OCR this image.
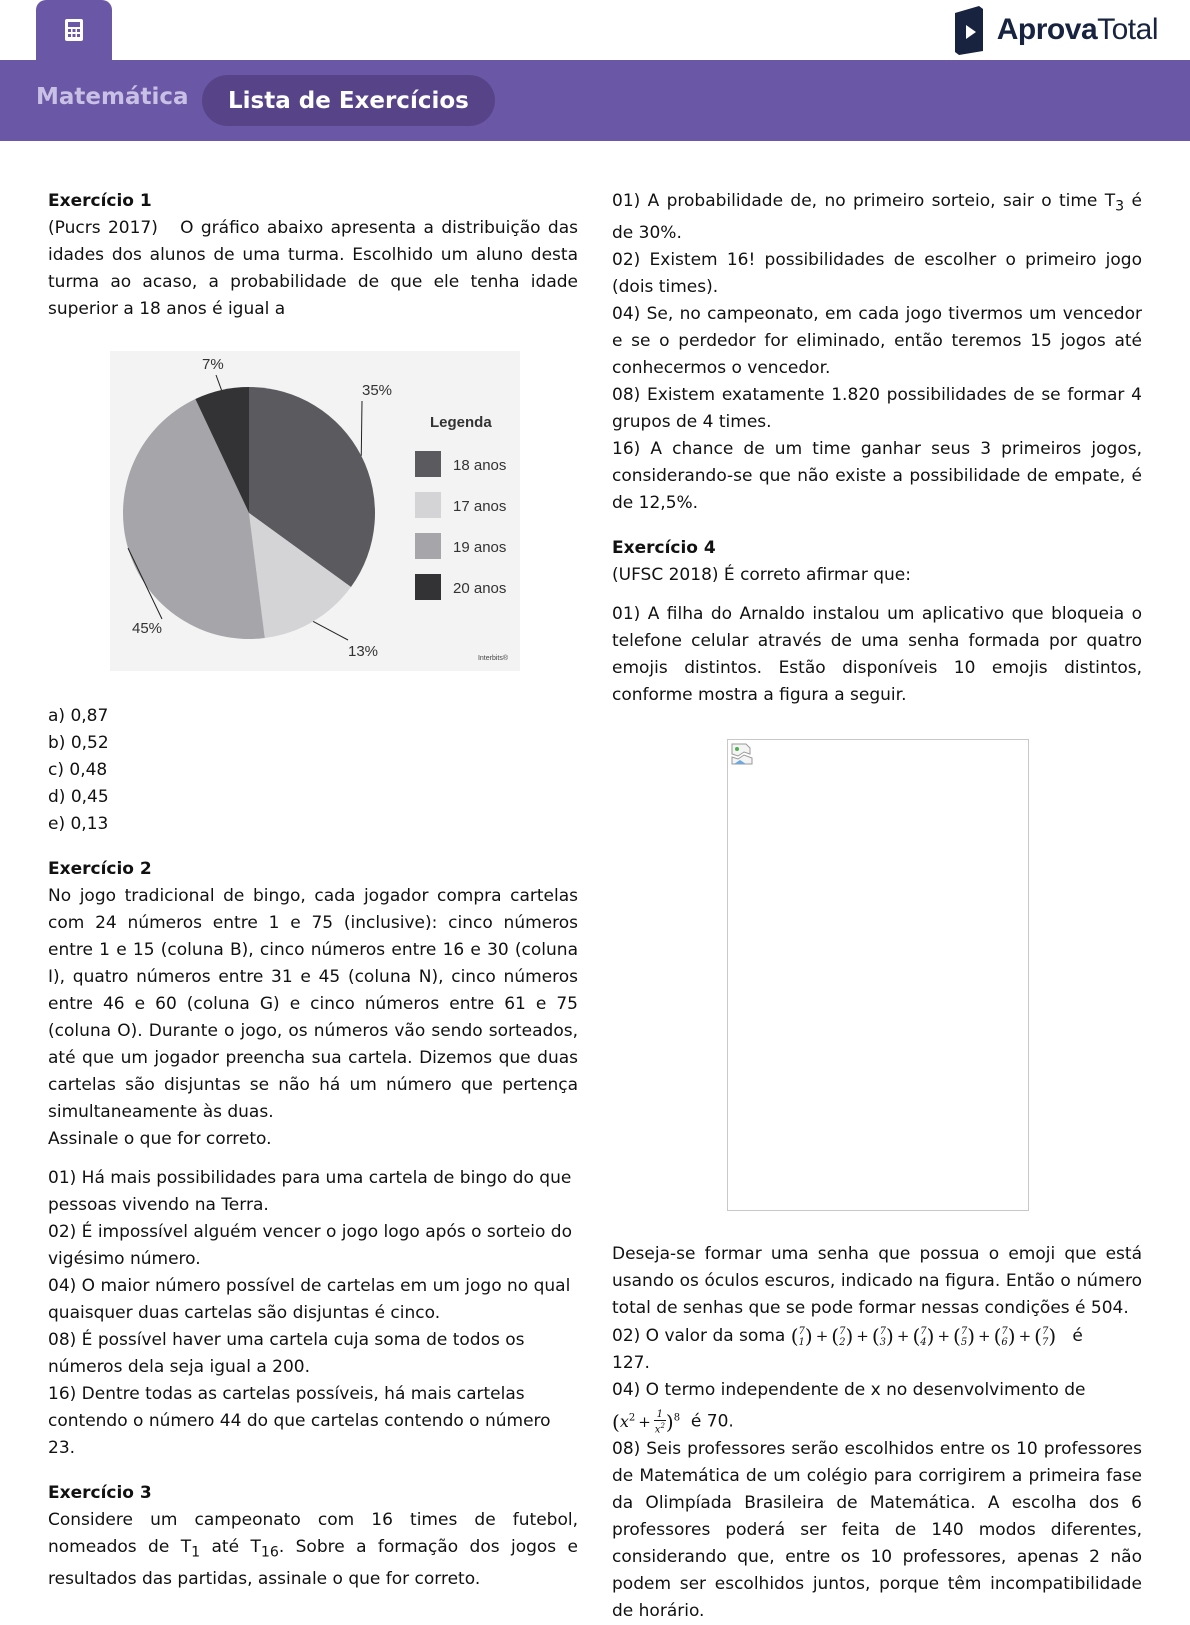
AprovaTotal
Matemática	Lista de Exercícios
Exercício 1

(Pucrs 2017)   O gráfico abaixo apresenta a distribuição das idades dos alunos de uma turma. Escolhido um aluno desta turma ao acaso, a probabilidade de que ele tenha idade superior a 18 anos é igual a

35%
13%
45%
7%
Legenda
18 anos
17 anos
19 anos
20 anos
Interbits®
a) 0,87
b) 0,52
c) 0,48
d) 0,45
e) 0,13
Exercício 2

No jogo tradicional de bingo, cada jogador compra cartelas com 24 números entre 1 e 75 (inclusive): cinco números entre 1 e 15 (coluna B), cinco números entre 16 e 30 (coluna I), quatro números entre 31 e 45 (coluna N), cinco números entre 46 e 60 (coluna G) e cinco números entre 61 e 75 (coluna O). Durante o jogo, os números vão sendo sorteados, até que um jogador preencha sua cartela. Dizemos que duas cartelas são disjuntas se não há um número que pertença simultaneamente às duas.

Assinale o que for correto.

01) Há mais possibilidades para uma cartela de bingo do que pessoas vivendo na Terra.

02) É impossível alguém vencer o jogo logo após o sorteio do vigésimo número.

04) O maior número possível de cartelas em um jogo no qual quaisquer duas cartelas são disjuntas é cinco.

08) É possível haver uma cartela cuja soma de todos os números dela seja igual a 200.

16) Dentre todas as cartelas possíveis, há mais cartelas contendo o número 44 do que cartelas contendo o número 23.

Exercício 3

Considere um campeonato com 16 times de futebol, nomeados de $T_1$ até $T_{16}$. Sobre a formação dos jogos e resultados das partidas, assinale o que for correto.

01) A probabilidade de, no primeiro sorteio, sair o time $T_3$ é de 30%.

02) Existem 16! possibilidades de escolher o primeiro jogo (dois times).

04) Se, no campeonato, em cada jogo tivermos um vencedor e se o perdedor for eliminado, então teremos 15 jogos até conhecermos o vencedor.

08) Existem exatamente 1.820 possibilidades de se formar 4 grupos de 4 times.

16) A chance de um time ganhar seus 3 primeiros jogos, considerando-se que não existe a possibilidade de empate, é de 12,5%.

Exercício 4

(UFSC 2018) É correto afirmar que:

01) A filha do Arnaldo instalou um aplicativo que bloqueia o telefone celular através de uma senha formada por quatro emojis distintos. Estão disponíveis 10 emojis distintos, conforme mostra a figura a seguir.

Deseja-se formar uma senha que possua o emoji que está usando os óculos escuros, indicado na figura. Então o número total de senhas que se pode formar nessas condições é 504.

02) O valor da soma ( 7
1 ) + ( 7
2 ) + ( 7
3 ) + ( 7
4 ) + ( 7
5 ) + ( 7
6 ) + ( 7
7 ) é
127.

04) O termo independente de x no desenvolvimento de
$(x^2 + \frac{1}{x^2} )^8$ é 70.

08) Seis professores serão escolhidos entre os 10 professores de Matemática de um colégio para corrigirem a primeira fase da Olimpíada Brasileira de Matemática. A escolha dos 6 professores poderá ser feita de 140 modos diferentes, considerando que, entre os 10 professores, apenas 2 não podem ser escolhidos juntos, porque têm incompatibilidade de horário.
